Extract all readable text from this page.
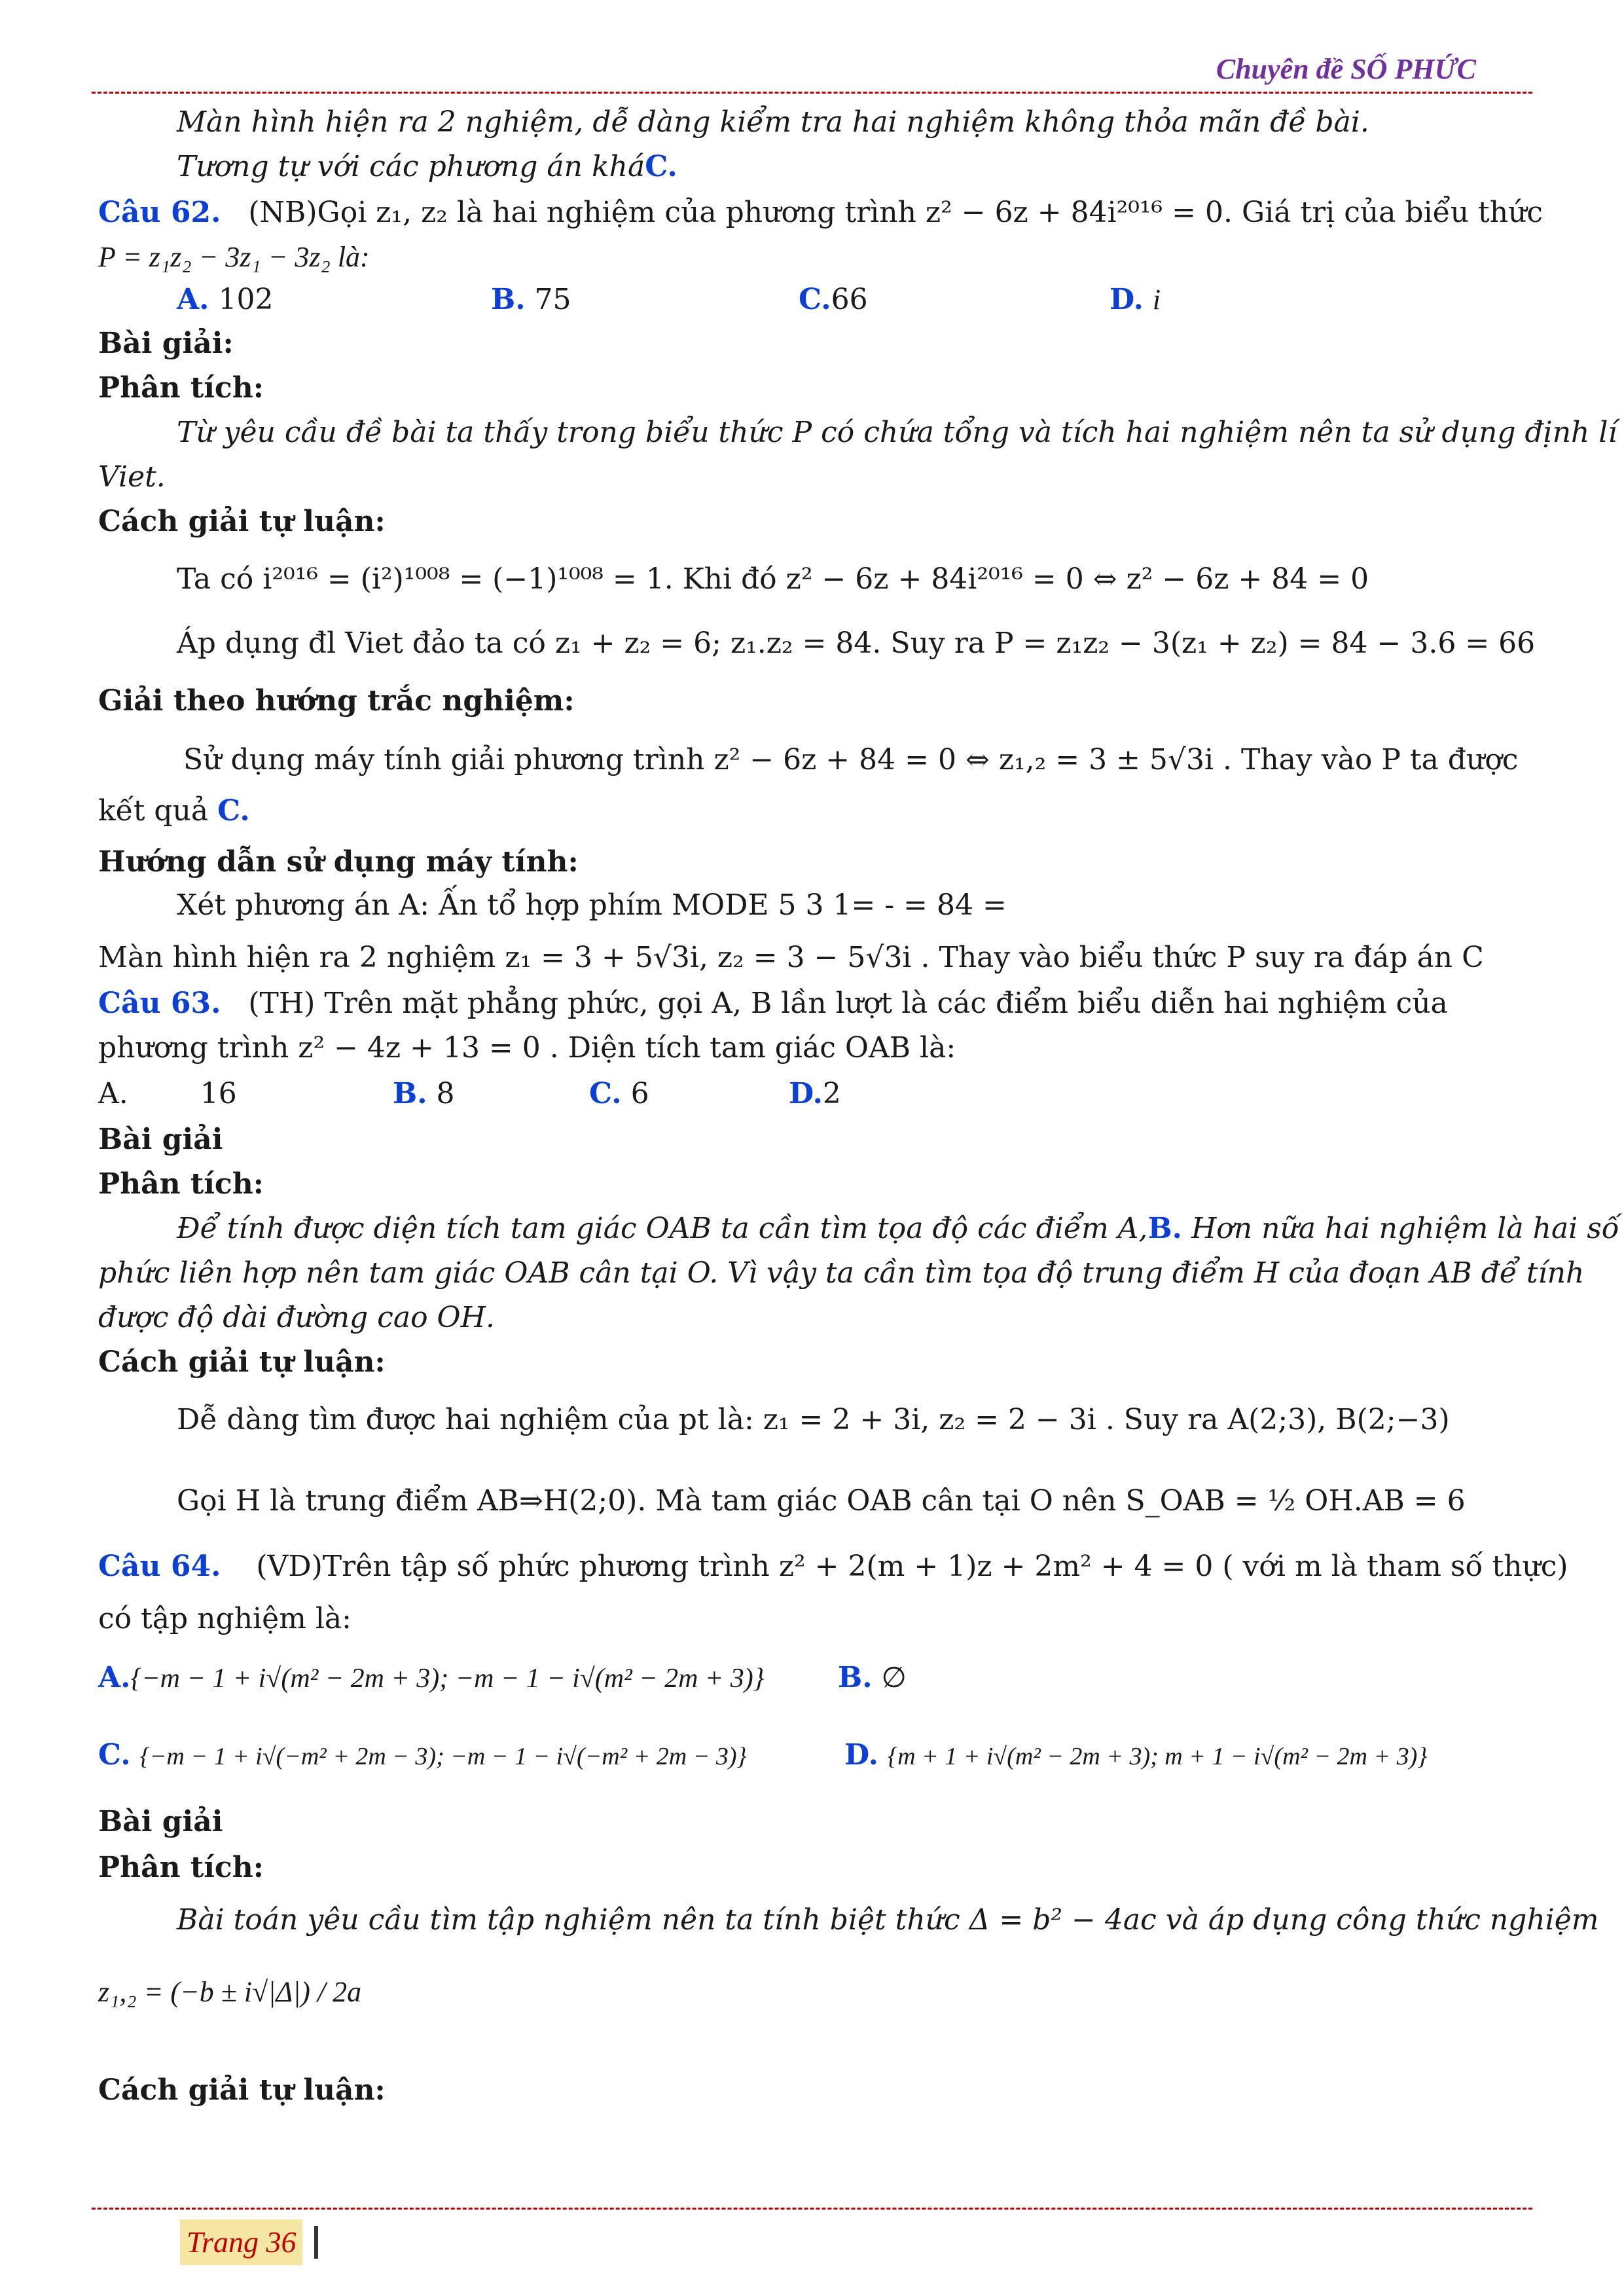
Chuyên đề SỐ PHỨC
Màn hình hiện ra 2 nghiệm, dễ dàng kiểm tra hai nghiệm không thỏa mãn đề bài.
Tương tự với các phương án kháC.
Câu 62. (NB)Gọi z₁, z₂ là hai nghiệm của phương trình z² − 6z + 84i²⁰¹⁶ = 0. Giá trị của biểu thức
P = z₁z₂ − 3z₁ − 3z₂ là:
A. 102	B. 75	C.66	D. i
Bài giải:
Phân tích:
Từ yêu cầu đề bài ta thấy trong biểu thức P có chứa tổng và tích hai nghiệm nên ta sử dụng định lí
Viet.
Cách giải tự luận:
Ta có i²⁰¹⁶ = (i²)¹⁰⁰⁸ = (−1)¹⁰⁰⁸ = 1. Khi đó z² − 6z + 84i²⁰¹⁶ = 0 ⇔ z² − 6z + 84 = 0
Áp dụng đl Viet đảo ta có z₁ + z₂ = 6; z₁.z₂ = 84. Suy ra P = z₁z₂ − 3(z₁ + z₂) = 84 − 3.6 = 66
Giải theo hướng trắc nghiệm:
Sử dụng máy tính giải phương trình z² − 6z + 84 = 0 ⇔ z₁,₂ = 3 ± 5√3i . Thay vào P ta được
kết quả C.
Hướng dẫn sử dụng máy tính:
Xét phương án A: Ấn tổ hợp phím MODE 5 3 1= - = 84 =
Màn hình hiện ra 2 nghiệm z₁ = 3 + 5√3i, z₂ = 3 − 5√3i . Thay vào biểu thức P suy ra đáp án C
Câu 63. (TH) Trên mặt phẳng phức, gọi A, B lần lượt là các điểm biểu diễn hai nghiệm của
phương trình z² − 4z + 13 = 0 . Diện tích tam giác OAB là:
A.	16	B. 8	C. 6	D.2
Bài giải
Phân tích:
Để tính được diện tích tam giác OAB ta cần tìm tọa độ các điểm A,B. Hơn nữa hai nghiệm là hai số
phức liên hợp nên tam giác OAB cân tại O. Vì vậy ta cần tìm tọa độ trung điểm H của đoạn AB để tính
được độ dài đường cao OH.
Cách giải tự luận:
Dễ dàng tìm được hai nghiệm của pt là: z₁ = 2 + 3i, z₂ = 2 − 3i . Suy ra A(2;3), B(2;−3)
Gọi H là trung điểm AB⇒H(2;0). Mà tam giác OAB cân tại O nên S_OAB = ½ OH.AB = 6
Câu 64. (VD)Trên tập số phức phương trình z² + 2(m + 1)z + 2m² + 4 = 0 ( với m là tham số thực)
có tập nghiệm là:
A.{−m − 1 + i√(m² − 2m + 3); −m − 1 − i√(m² − 2m + 3)}	B. ∅
C. {−m − 1 + i√(−m² + 2m − 3); −m − 1 − i√(−m² + 2m − 3)}	D. {m + 1 + i√(m² − 2m + 3); m + 1 − i√(m² − 2m + 3)}
Bài giải
Phân tích:
Bài toán yêu cầu tìm tập nghiệm nên ta tính biệt thức Δ = b² − 4ac và áp dụng công thức nghiệm
z₁,₂ = (−b ± i√|Δ|) / 2a
Cách giải tự luận:
Trang 36
